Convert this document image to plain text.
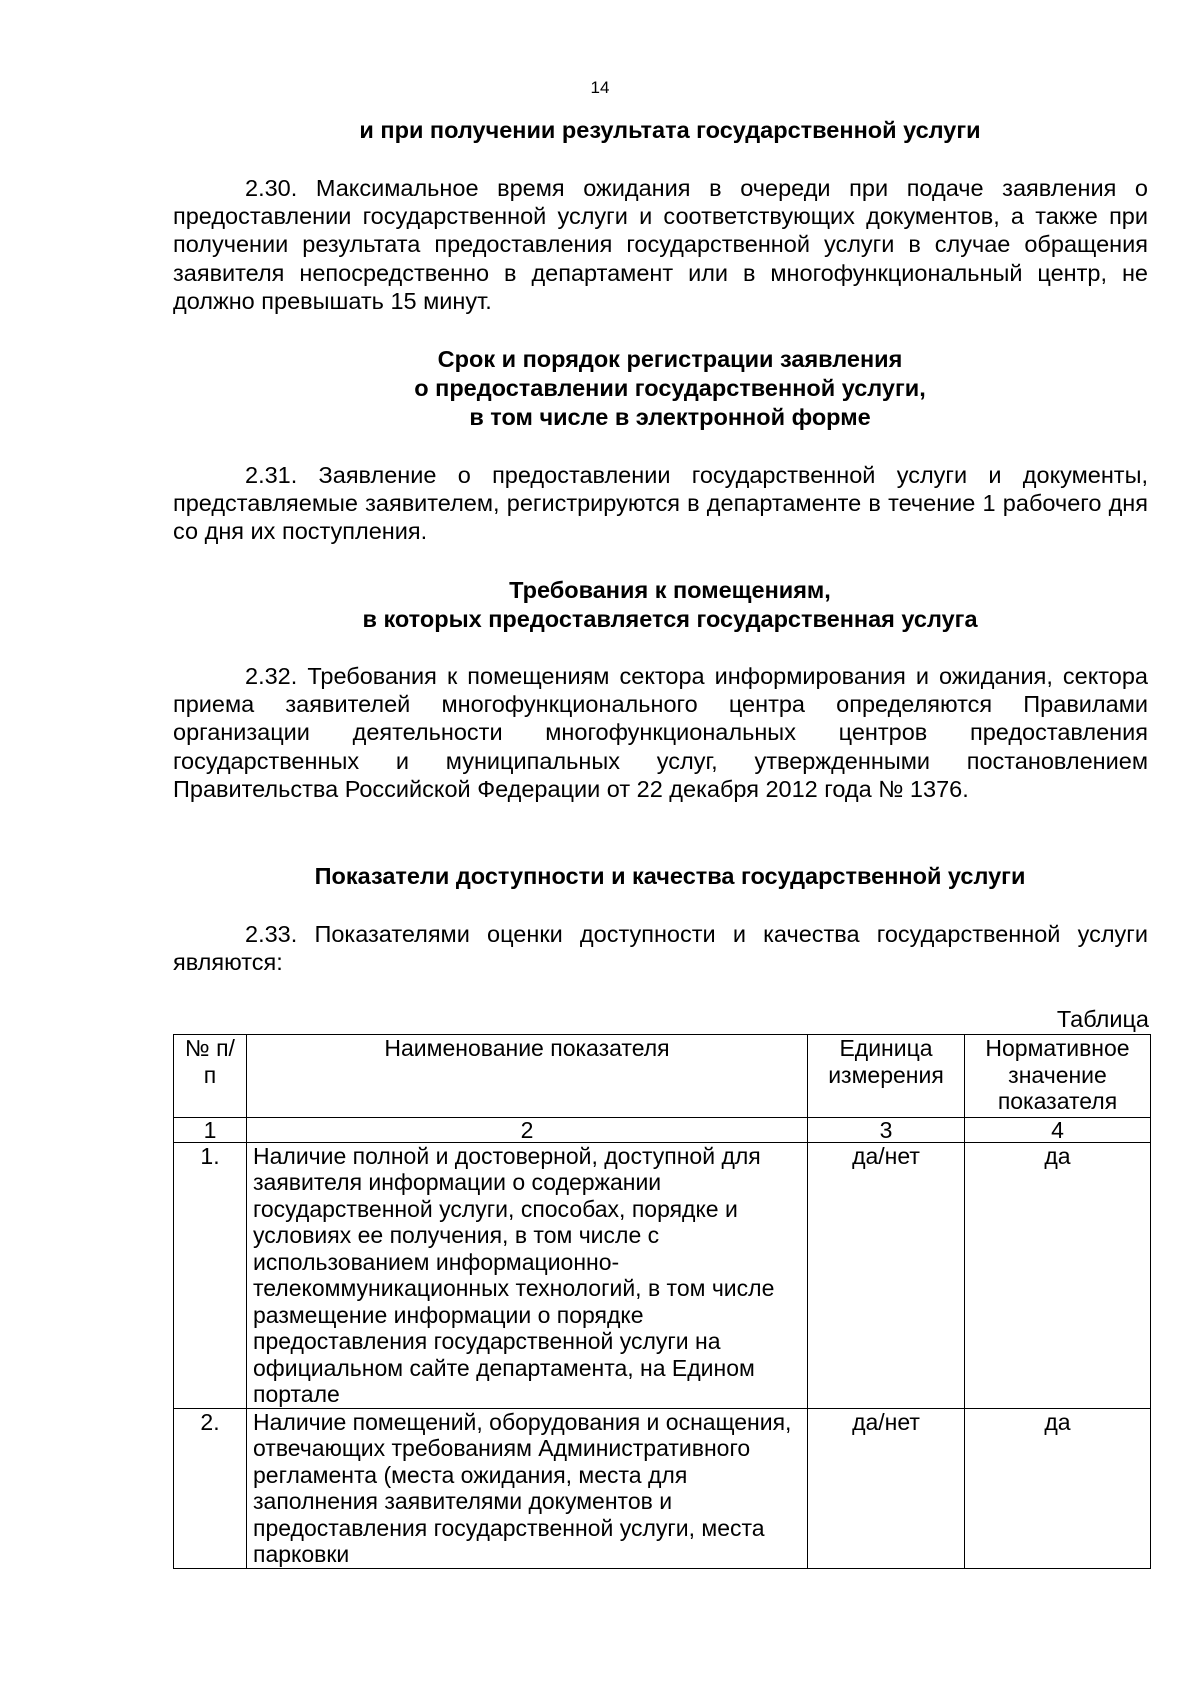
14
и при получении результата государственной услуги
2.30. Максимальное время ожидания в очереди при подаче заявления о предоставлении государственной услуги и соответствующих документов, а также при получении результата предоставления государственной услуги в случае обращения заявителя непосредственно в департамент или в многофункциональный центр, не должно превышать 15 минут.
Срок и порядок регистрации заявления
о предоставлении государственной услуги,
в том числе в электронной форме
2.31. Заявление о предоставлении государственной услуги и документы, представляемые заявителем, регистрируются в департаменте в течение 1 рабочего дня со дня их поступления.
Требования к помещениям,
в которых предоставляется государственная услуга
2.32. Требования к помещениям сектора информирования и ожидания, сектора приема заявителей многофункционального центра определяются Правилами организации деятельности многофункциональных центров предоставления государственных и муниципальных услуг, утвержденными постановлением Правительства Российской Федерации от 22 декабря 2012 года № 1376.
Показатели доступности и качества государственной услуги
2.33. Показателями оценки доступности и качества государственной услуги являются:
Таблица
№ п/п	Наименование показателя	Единица измерения	Нормативное значение показателя
1	2	3	4
1.	Наличие полной и достоверной, доступной для заявителя информации о содержании государственной услуги, способах, порядке и условиях ее получения, в том числе с использованием информационно-телекоммуникационных технологий, в том числе размещение информации о порядке предоставления государственной услуги на официальном сайте департамента, на Едином портале	да/нет	да
2.	Наличие помещений, оборудования и оснащения, отвечающих требованиям Административного регламента (места ожидания, места для заполнения заявителями документов и предоставления государственной услуги, места парковки	да/нет	да
